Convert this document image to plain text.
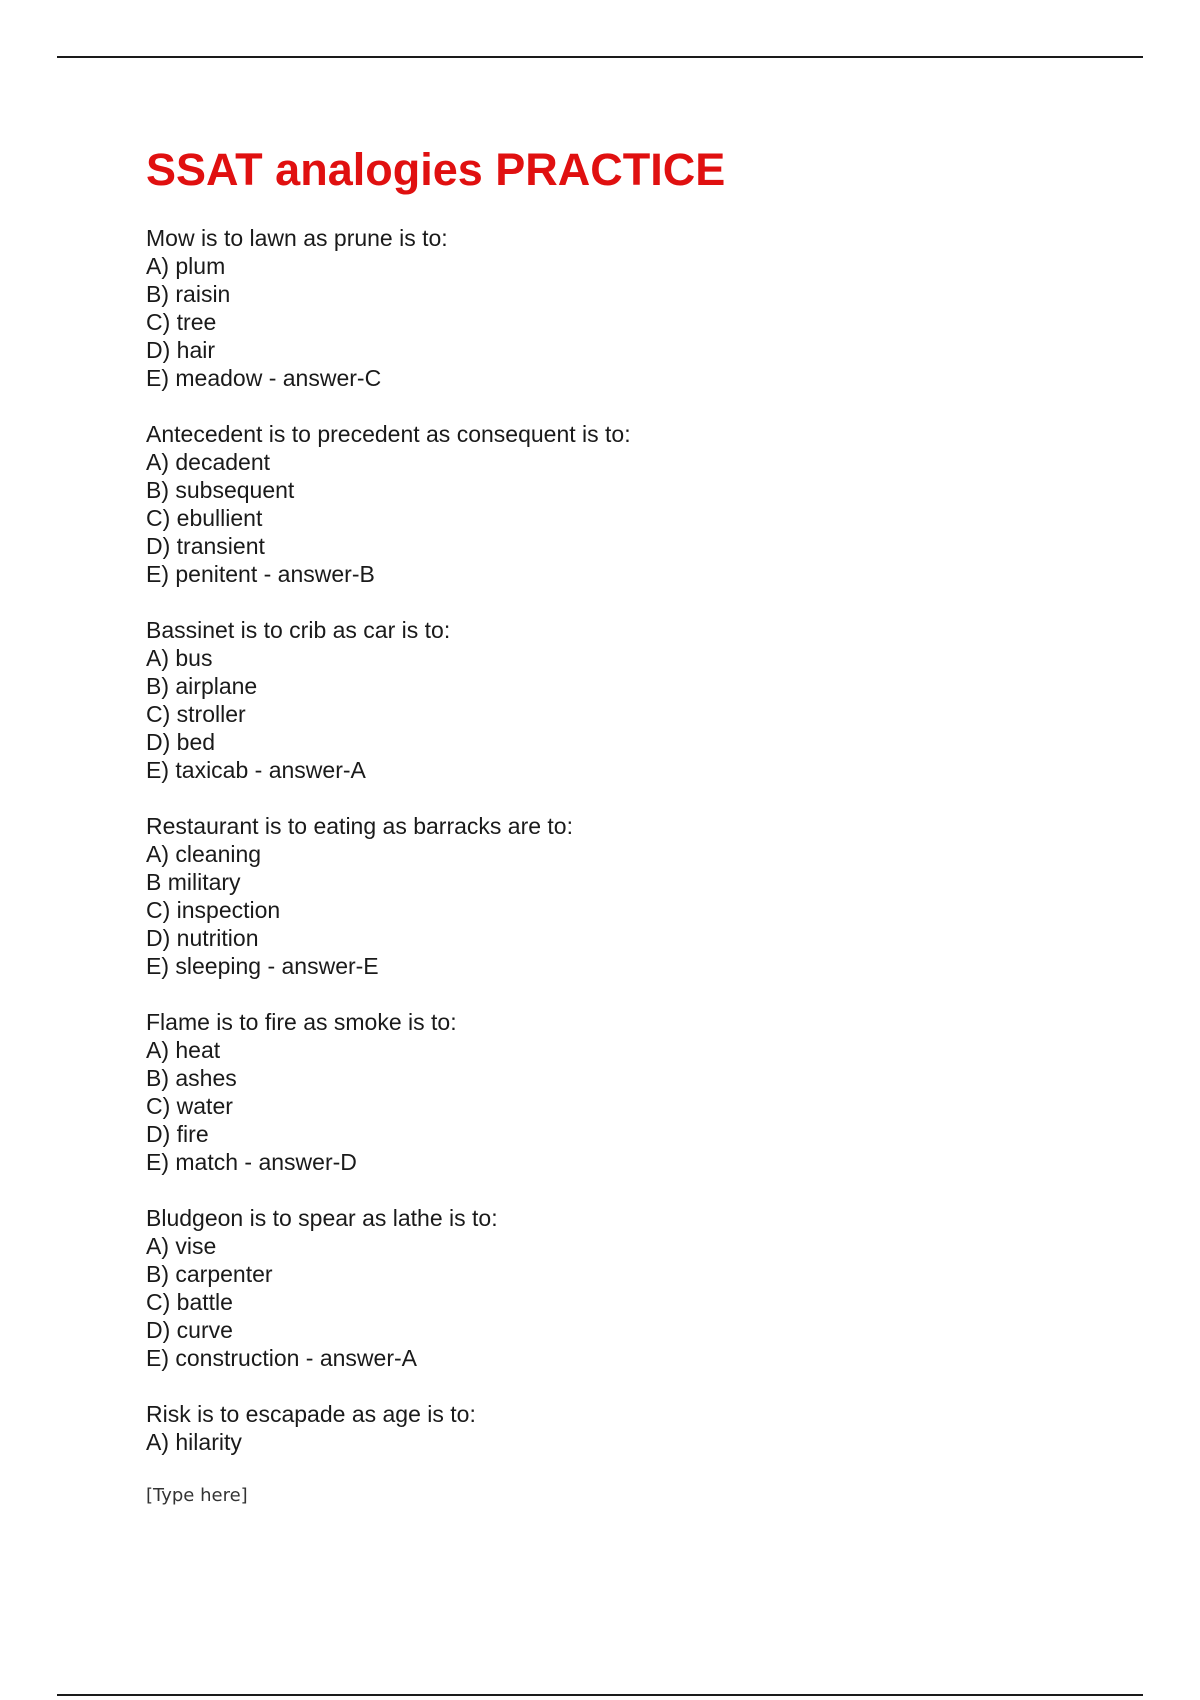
SSAT analogies PRACTICE
Mow is to lawn as prune is to:
A) plum
B) raisin
C) tree
D) hair
E) meadow - answer-C
Antecedent is to precedent as consequent is to:
A) decadent
B) subsequent
C) ebullient
D) transient
E) penitent - answer-B
Bassinet is to crib as car is to:
A) bus
B) airplane
C) stroller
D) bed
E) taxicab - answer-A
Restaurant is to eating as barracks are to:
A) cleaning
B military
C) inspection
D) nutrition
E) sleeping - answer-E
Flame is to fire as smoke is to:
A) heat
B) ashes
C) water
D) fire
E) match - answer-D
Bludgeon is to spear as lathe is to:
A) vise
B) carpenter
C) battle
D) curve
E) construction - answer-A
Risk is to escapade as age is to:
A) hilarity
[Type here]
